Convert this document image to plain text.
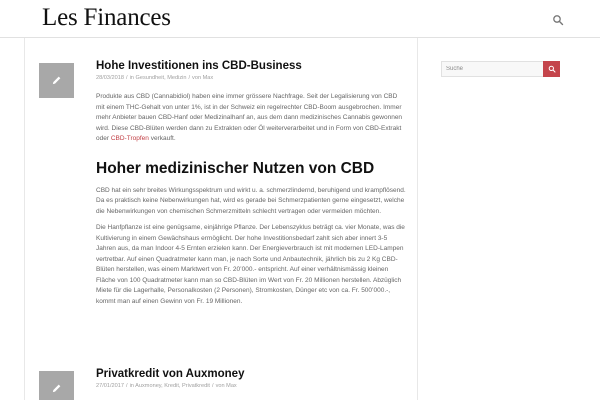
Les Finances
Hohe Investitionen ins CBD-Business
28/03/2018 / in Gesundheit, Medizin / von Max

Produkte aus CBD (Cannabidiol) haben eine immer grössere Nachfrage. Seit der Legalisierung von CBD mit einem THC-Gehalt von unter 1%, ist in der Schweiz ein regelrechter CBD-Boom ausgebrochen. Immer mehr Anbieter bauen CBD-Hanf oder Medizinalhanf an, aus dem dann medizinisches Cannabis gewonnen wird. Diese CBD-Blüten werden dann zu Extrakten oder Öl weiterverarbeitet und in Form von CBD-Extrakt oder CBD-Tropfen verkauft.

Hoher medizinischer Nutzen von CBD

CBD hat ein sehr breites Wirkungsspektrum und wirkt u. a. schmerzlindernd, beruhigend und krampflösend. Da es praktisch keine Nebenwirkungen hat, wird es gerade bei Schmerzpatienten gerne eingesetzt, welche die Nebenwirkungen von chemischen Schmerzmitteln schlecht vertragen oder vermeiden möchten.

Die Hanfpflanze ist eine genügsame, einjährige Pflanze. Der Lebenszyklus beträgt ca. vier Monate, was die Kultivierung in einem Gewächshaus ermöglicht. Der hohe Investitionsbedarf zahlt sich aber innert 3-5 Jahren aus, da man Indoor 4-5 Ernten erzielen kann. Der Energieverbrauch ist mit modernen LED-Lampen vertretbar. Auf einen Quadratmeter kann man, je nach Sorte und Anbautechnik, jährlich bis zu 2 Kg CBD-Blüten herstellen, was einem Marktwert von Fr. 20’000.- entspricht. Auf einer verhältnismässig kleinen Fläche von 100 Quadratmeter kann man so CBD-Blüten im Wert von Fr. 20 Millionen herstellen. Abzüglich Miete für die Lagerhalle, Personalkosten (2 Personen), Stromkosten, Dünger etc von ca. Fr. 500’000.-, kommt man auf einen Gewinn von Fr. 19 Millionen.

Privatkredit von Auxmoney
27/01/2017 / in Auxmoney, Kredit, Privatkredit / von Max
Suche
